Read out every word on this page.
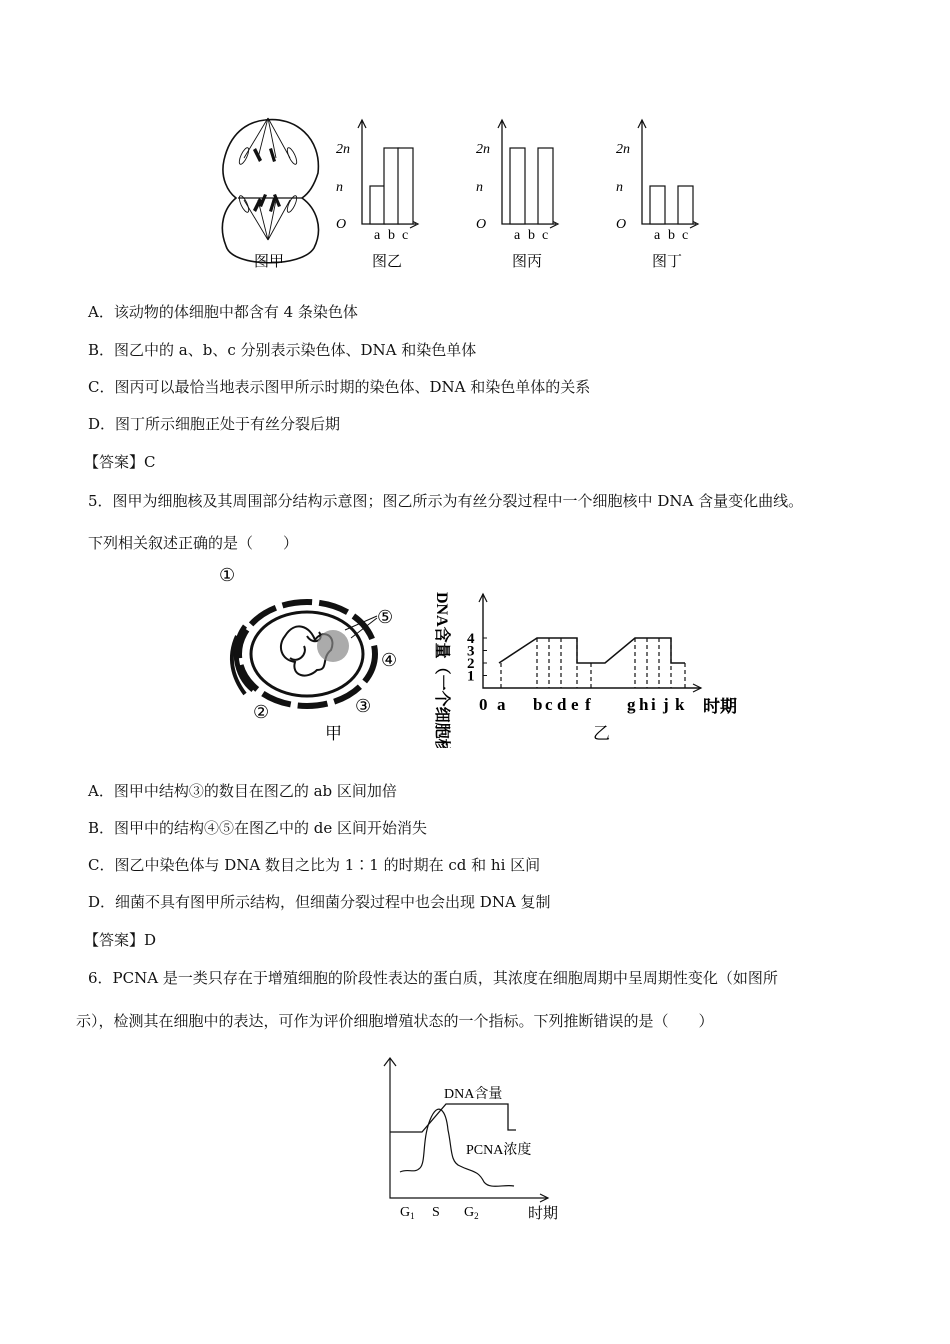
图甲
2n
n
O
a b c
2n
n
O
a b c
2n
n
O
a b c
图乙	图丙	图丁
A．该动物的体细胞中都含有 4 条染色体
B．图乙中的 a、b、c 分别表示染色体、DNA 和染色单体
C．图丙可以最恰当地表示图甲所示时期的染色体、DNA 和染色单体的关系
D．图丁所示细胞正处于有丝分裂后期
【答案】C
5．图甲为细胞核及其周围部分结构示意图；图乙所示为有丝分裂过程中一个细胞核中 DNA 含量变化曲线。
下列相关叙述正确的是（　　）
①
②	③
④
⑤
甲
4
3
2
1
0 a b c d e f g h i j k
DNA含量（一个细胞核内）	时期
乙
A．图甲中结构③的数目在图乙的 ab 区间加倍
B．图甲中的结构④⑤在图乙中的 de 区间开始消失
C．图乙中染色体与 DNA 数目之比为 1∶1 的时期在 cd 和 hi 区间
D．细菌不具有图甲所示结构，但细菌分裂过程中也会出现 DNA 复制
【答案】D
6．PCNA 是一类只存在于增殖细胞的阶段性表达的蛋白质，其浓度在细胞周期中呈周期性变化（如图所
示），检测其在细胞中的表达，可作为评价细胞增殖状态的一个指标。下列推断错误的是（　　）
DNA含量
PCNA浓度
$G_1$ S $G_2$	时期
